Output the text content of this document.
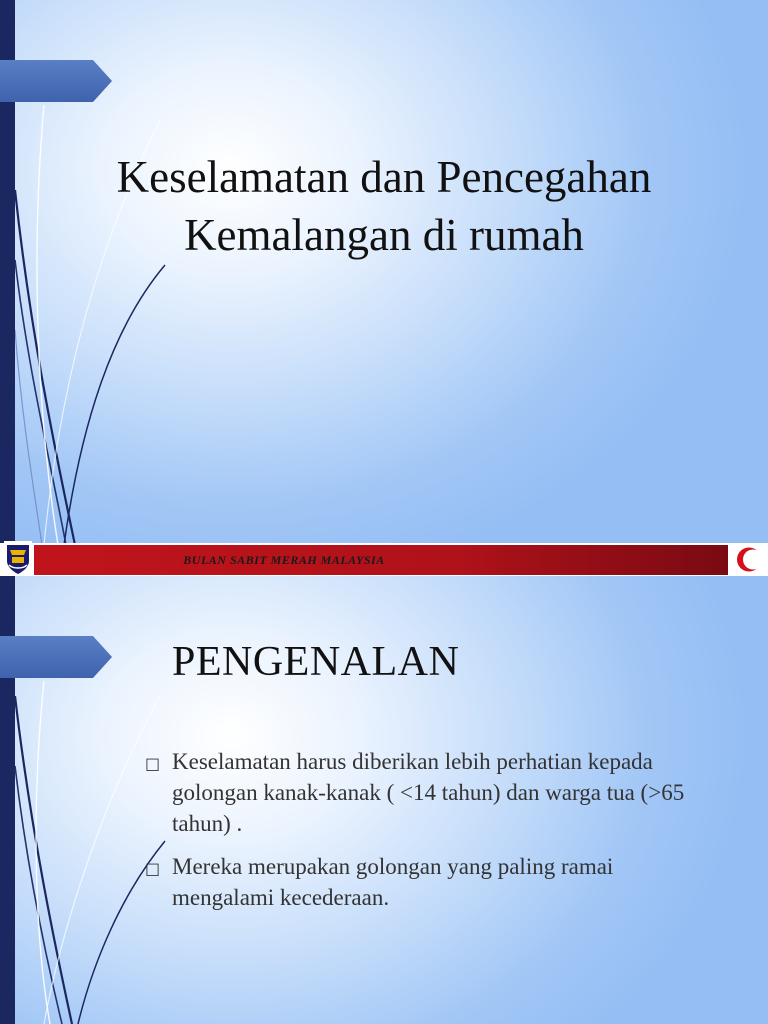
Keselamatan dan Pencegahan
Kemalangan di rumah
BULAN SABIT MERAH MALAYSIA
PENGENALAN
□ Keselamatan harus diberikan lebih perhatian kepada golongan kanak-kanak ( <14 tahun) dan warga tua (>65 tahun) .
□ Mereka merupakan golongan yang paling ramai mengalami kecederaan.
